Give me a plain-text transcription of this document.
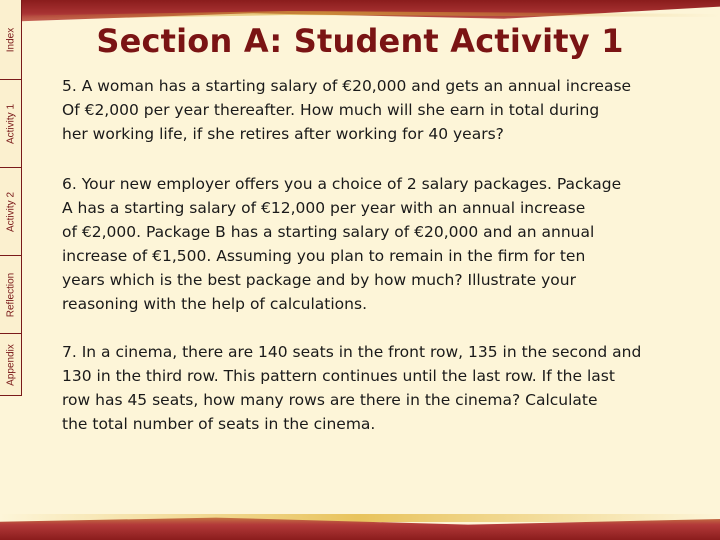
Index
Activity 1
Activity 2
Reflection
Appendix
Section A: Student Activity 1
5. A woman has a starting salary of €20,000 and gets an annual increase
Of €2,000 per year thereafter. How much will she earn in total during
her working life, if she retires after working for 40 years?
6. Your new employer offers you a choice of 2 salary packages. Package
A has a starting salary of €12,000 per year with an annual increase
of €2,000. Package B has a starting salary of €20,000 and an annual
increase of €1,500. Assuming you plan to remain in the firm for ten
years which is the best package and by how much? Illustrate your
reasoning with the help of calculations.
7. In a cinema, there are 140 seats in the front row, 135 in the second and
130 in the third row. This pattern continues until the last row. If the last
row has 45 seats, how many rows are there in the cinema? Calculate
the total number of seats in the cinema.
